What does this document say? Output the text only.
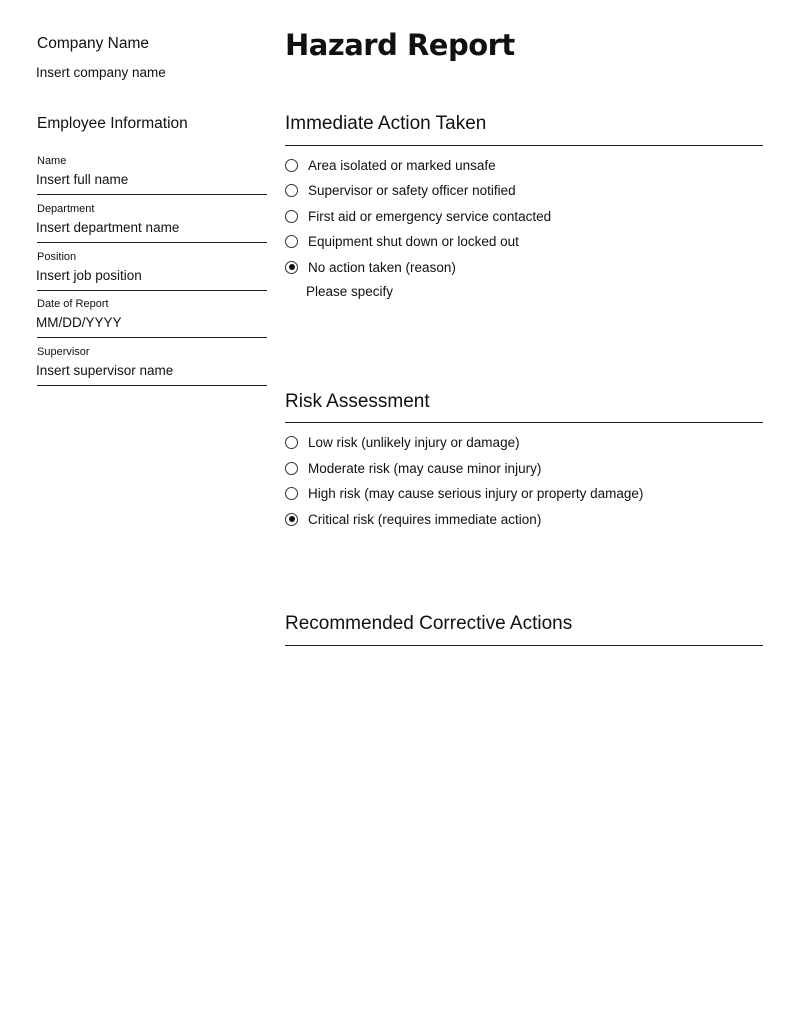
Company Name
Insert company name
Employee Information
Name
Insert full name
Department
Insert department name
Position
Insert job position
Date of Report
MM/DD/YYYY
Supervisor
Insert supervisor name
Hazard Report
Immediate Action Taken
Area isolated or marked unsafe
Supervisor or safety officer notified
First aid or emergency service contacted
Equipment shut down or locked out
No action taken (reason)
Please specify
Risk Assessment
Low risk (unlikely injury or damage)
Moderate risk (may cause minor injury)
High risk (may cause serious injury or property damage)
Critical risk (requires immediate action)
Recommended Corrective Actions
